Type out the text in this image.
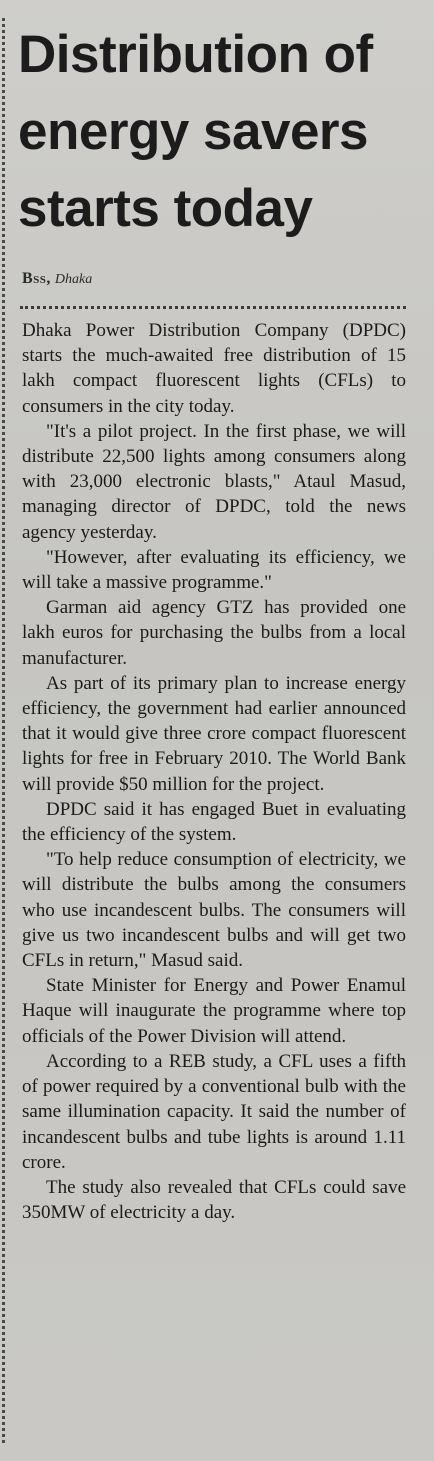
Distribution of
energy savers
starts today
Bss, Dhaka

Dhaka Power Distribution Company (DPDC) starts the much-awaited free distribution of 15 lakh compact fluorescent lights (CFLs) to consumers in the city today.

"It's a pilot project. In the first phase, we will distribute 22,500 lights among consumers along with 23,000 electronic blasts," Ataul Masud, managing director of DPDC, told the news agency yesterday.

"However, after evaluating its efficiency, we will take a massive programme."

Garman aid agency GTZ has provided one lakh euros for purchasing the bulbs from a local manufacturer.

As part of its primary plan to increase energy efficiency, the government had earlier announced that it would give three crore compact fluorescent lights for free in February 2010. The World Bank will provide $50 million for the project.

DPDC said it has engaged Buet in evaluating the efficiency of the system.

"To help reduce consumption of electricity, we will distribute the bulbs among the consumers who use incandescent bulbs. The consumers will give us two incandescent bulbs and will get two CFLs in return," Masud said.

State Minister for Energy and Power Enamul Haque will inaugurate the programme where top officials of the Power Division will attend.

According to a REB study, a CFL uses a fifth of power required by a conventional bulb with the same illumination capacity. It said the number of incandescent bulbs and tube lights is around 1.11 crore.

The study also revealed that CFLs could save 350MW of electricity a day.
